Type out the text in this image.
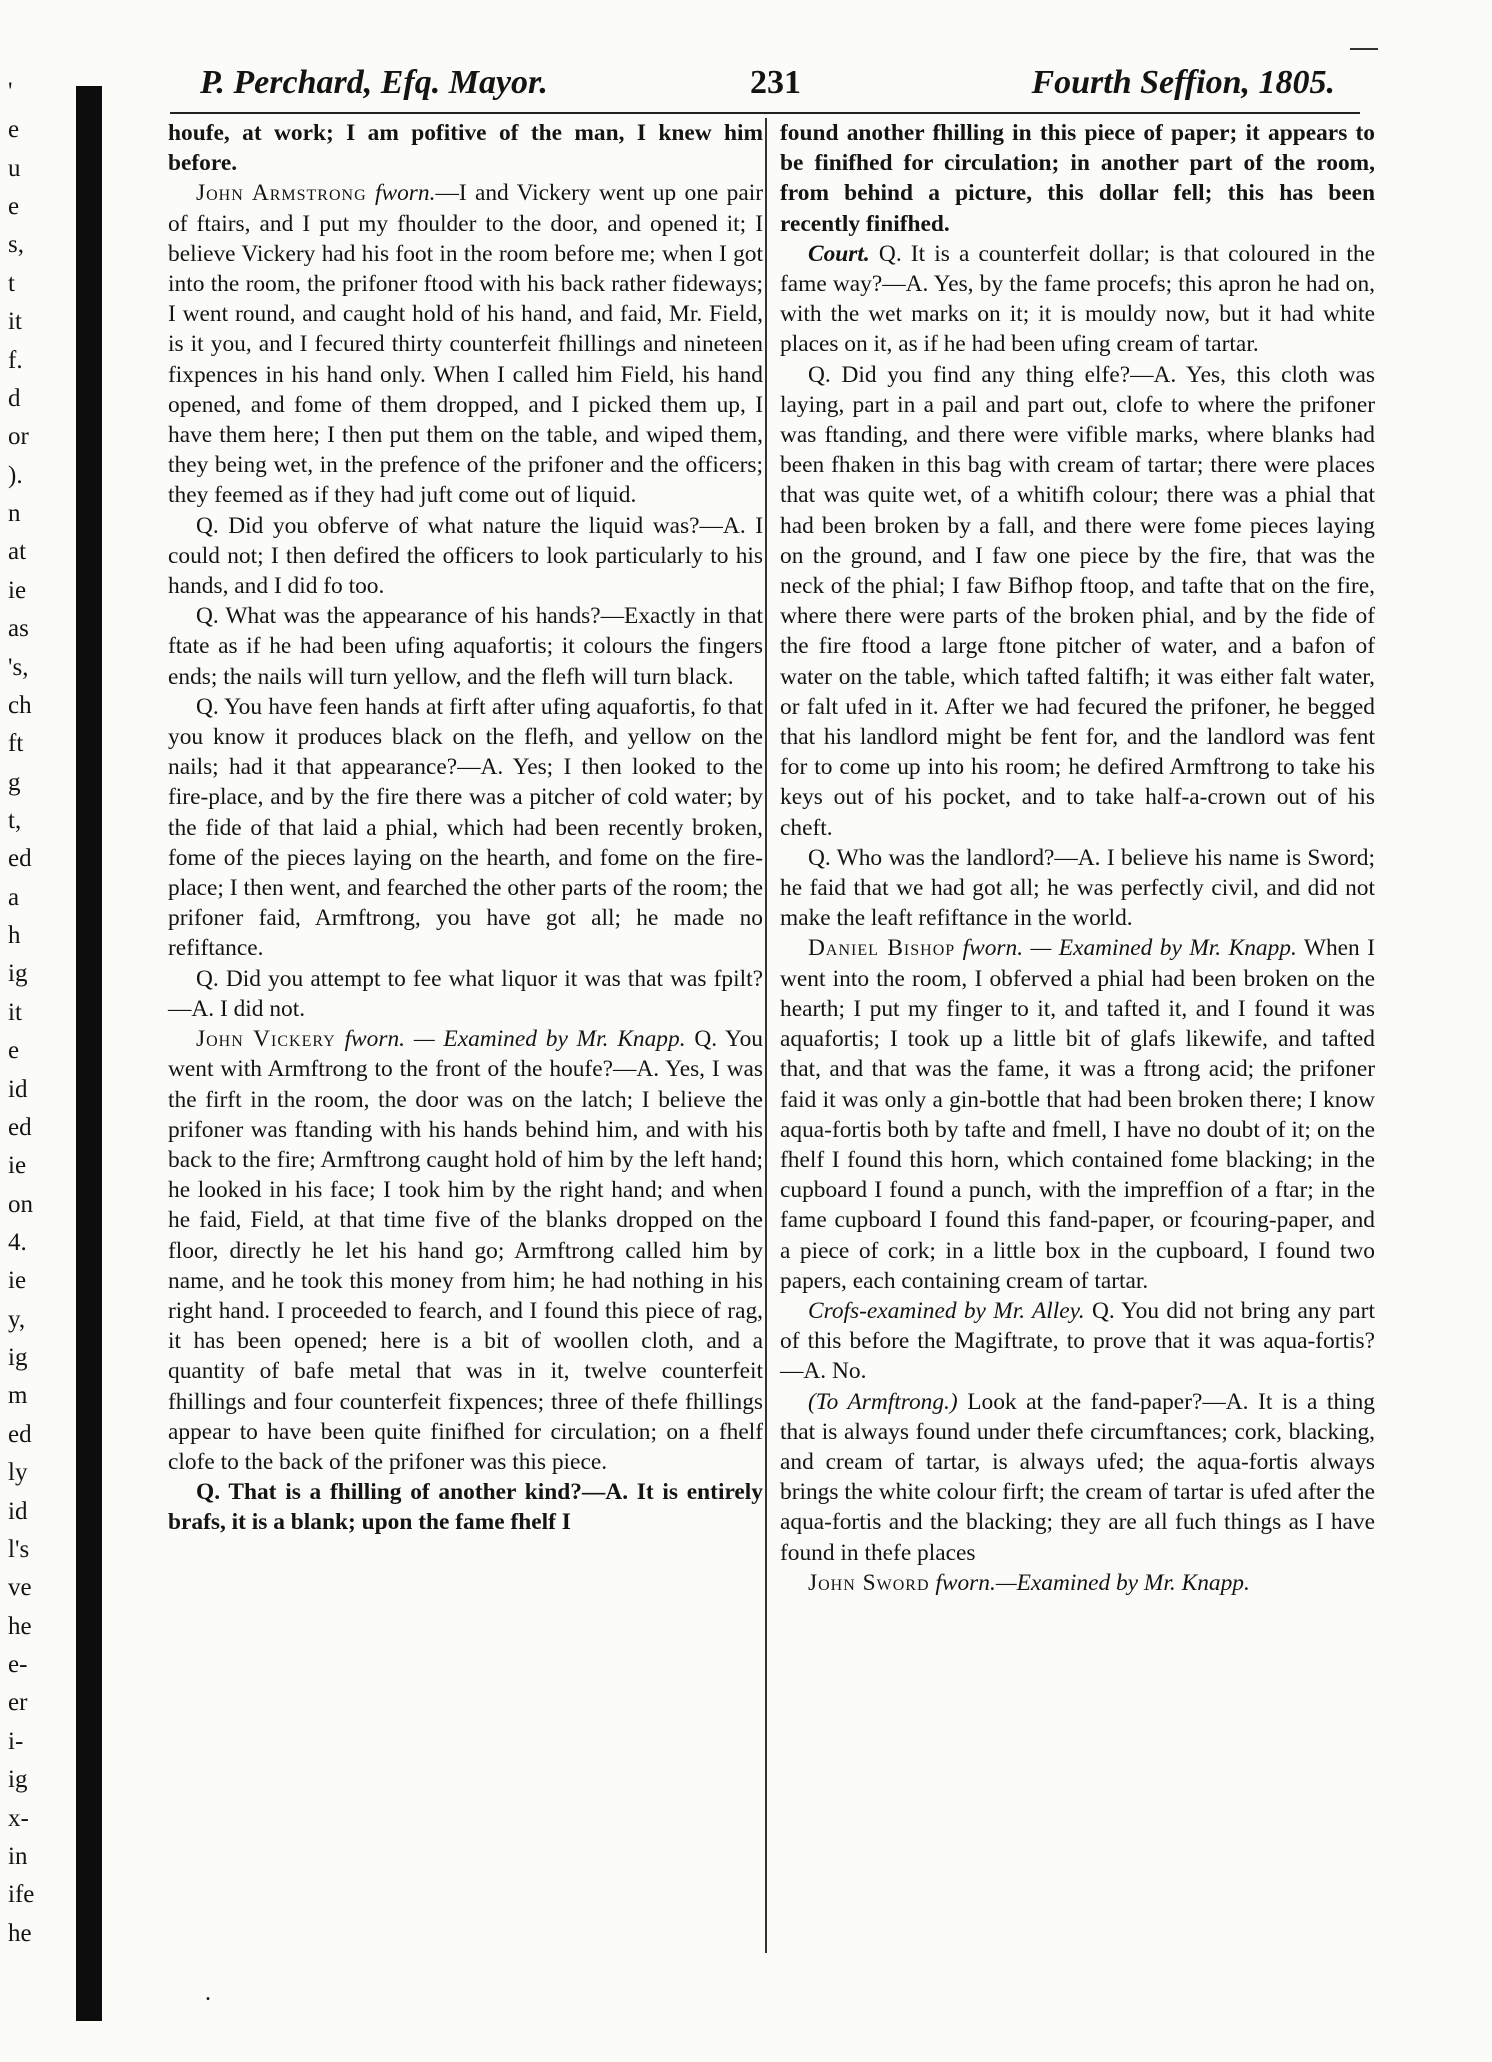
'
e
u
e
s,
t
it
f.
d
or
).
n
at
ie
as
's,
ch
ft
g
t,
ed
a
h
ig
it
e
id
ed
ie
on
4.
ie
y,
ig
m
ed
ly
id
l's
ve
he
e-
er
i-
ig
x-
in
ife
he
P. Perchard, Efq. Mayor.	231	Fourth Seffion, 1805.

houfe, at work; I am pofitive of the man, I knew him before.

John Armstrong fworn.—I and Vickery went up one pair of ftairs, and I put my fhoulder to the door, and opened it; I believe Vickery had his foot in the room before me; when I got into the room, the prifoner ftood with his back rather fideways; I went round, and caught hold of his hand, and faid, Mr. Field, is it you, and I fecured thirty counterfeit fhillings and nineteen fixpences in his hand only. When I called him Field, his hand opened, and fome of them dropped, and I picked them up, I have them here; I then put them on the table, and wiped them, they being wet, in the prefence of the prifoner and the officers; they feemed as if they had juft come out of liquid.

Q. Did you obferve of what nature the liquid was?—A. I could not; I then defired the officers to look particularly to his hands, and I did fo too.

Q. What was the appearance of his hands?—Exactly in that ftate as if he had been ufing aquafortis; it colours the fingers ends; the nails will turn yellow, and the flefh will turn black.

Q. You have feen hands at firft after ufing aquafortis, fo that you know it produces black on the flefh, and yellow on the nails; had it that appearance?—A. Yes; I then looked to the fire-place, and by the fire there was a pitcher of cold water; by the fide of that laid a phial, which had been recently broken, fome of the pieces laying on the hearth, and fome on the fire-place; I then went, and fearched the other parts of the room; the prifoner faid, Armftrong, you have got all; he made no refiftance.

Q. Did you attempt to fee what liquor it was that was fpilt?—A. I did not.

John Vickery fworn. — Examined by Mr. Knapp. Q. You went with Armftrong to the front of the houfe?—A. Yes, I was the firft in the room, the door was on the latch; I believe the prifoner was ftanding with his hands behind him, and with his back to the fire; Armftrong caught hold of him by the left hand; he looked in his face; I took him by the right hand; and when he faid, Field, at that time five of the blanks dropped on the floor, directly he let his hand go; Armftrong called him by name, and he took this money from him; he had nothing in his right hand. I proceeded to fearch, and I found this piece of rag, it has been opened; here is a bit of woollen cloth, and a quantity of bafe metal that was in it, twelve counterfeit fhillings and four counterfeit fixpences; three of thefe fhillings appear to have been quite finifhed for circulation; on a fhelf clofe to the back of the prifoner was this piece.

Q. That is a fhilling of another kind?—A. It is entirely brafs, it is a blank; upon the fame fhelf I

found another fhilling in this piece of paper; it appears to be finifhed for circulation; in another part of the room, from behind a picture, this dollar fell; this has been recently finifhed.

Court. Q. It is a counterfeit dollar; is that coloured in the fame way?—A. Yes, by the fame procefs; this apron he had on, with the wet marks on it; it is mouldy now, but it had white places on it, as if he had been ufing cream of tartar.

Q. Did you find any thing elfe?—A. Yes, this cloth was laying, part in a pail and part out, clofe to where the prifoner was ftanding, and there were vifible marks, where blanks had been fhaken in this bag with cream of tartar; there were places that was quite wet, of a whitifh colour; there was a phial that had been broken by a fall, and there were fome pieces laying on the ground, and I faw one piece by the fire, that was the neck of the phial; I faw Bifhop ftoop, and tafte that on the fire, where there were parts of the broken phial, and by the fide of the fire ftood a large ftone pitcher of water, and a bafon of water on the table, which tafted faltifh; it was either falt water, or falt ufed in it. After we had fecured the prifoner, he begged that his landlord might be fent for, and the landlord was fent for to come up into his room; he defired Armftrong to take his keys out of his pocket, and to take half-a-crown out of his cheft.

Q. Who was the landlord?—A. I believe his name is Sword; he faid that we had got all; he was perfectly civil, and did not make the leaft refiftance in the world.

Daniel Bishop fworn. — Examined by Mr. Knapp. When I went into the room, I obferved a phial had been broken on the hearth; I put my finger to it, and tafted it, and I found it was aquafortis; I took up a little bit of glafs likewife, and tafted that, and that was the fame, it was a ftrong acid; the prifoner faid it was only a gin-bottle that had been broken there; I know aqua-fortis both by tafte and fmell, I have no doubt of it; on the fhelf I found this horn, which contained fome blacking; in the cupboard I found a punch, with the impreffion of a ftar; in the fame cupboard I found this fand-paper, or fcouring-paper, and a piece of cork; in a little box in the cupboard, I found two papers, each containing cream of tartar.

Crofs-examined by Mr. Alley. Q. You did not bring any part of this before the Magiftrate, to prove that it was aqua-fortis?—A. No.

(To Armftrong.) Look at the fand-paper?—A. It is a thing that is always found under thefe circumftances; cork, blacking, and cream of tartar, is always ufed; the aqua-fortis always brings the white colour firft; the cream of tartar is ufed after the aqua-fortis and the blacking; they are all fuch things as I have found in thefe places

John Sword fworn.—Examined by Mr. Knapp.

.
